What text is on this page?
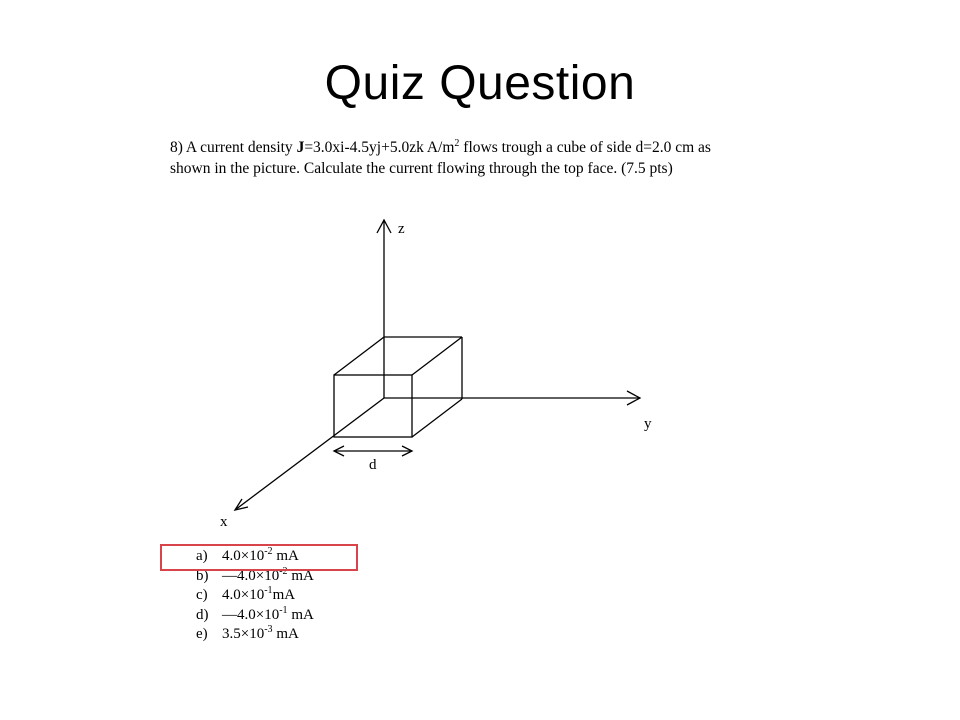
Quiz Question
8) A current density J=3.0xi-4.5yj+5.0zk $A/m^2$ flows trough a cube of side d=2.0 cm as
shown in the picture. Calculate the current flowing through the top face. (7.5 pts)
z
y
x
d
a) $4.0\times 10^{-2}$ mA
b) $—4.0\times 10^{-2}$ mA
c) $4.0\times 10^{-1}mA$
d) $—4.0\times 10^{-1}$ mA
e) $3.5\times 10^{-3}$ mA
